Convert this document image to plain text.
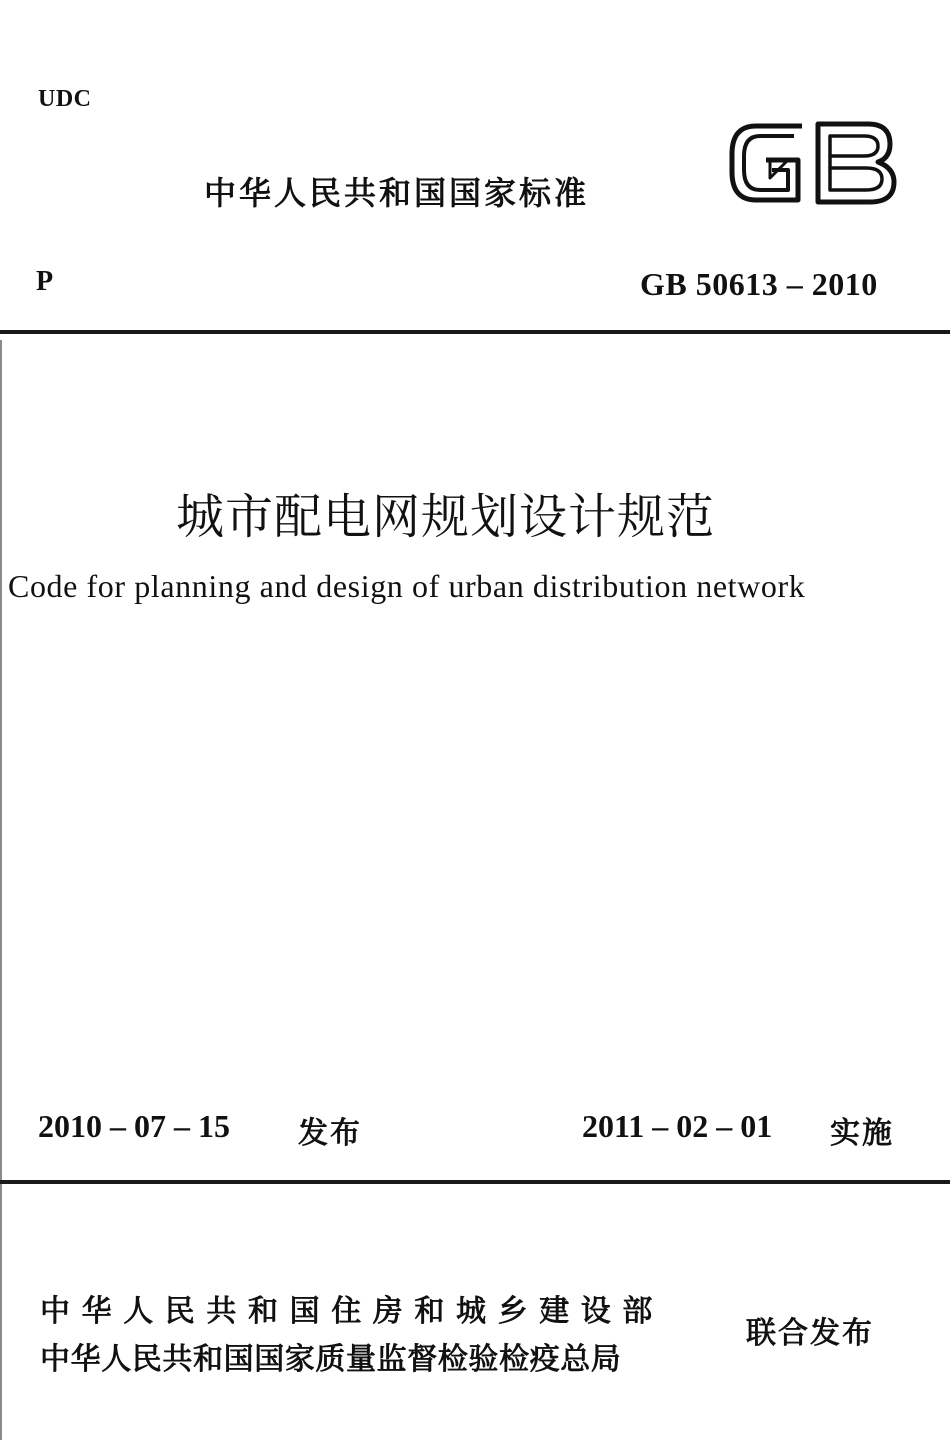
UDC
中华人民共和国国家标准
P	GB 50613 – 2010
城市配电网规划设计规范
Code for planning and design of urban distribution network
2010 – 07 – 15 发布	2011 – 02 – 01 实施
中华人民共和国住房和城乡建设部
中华人民共和国国家质量监督检验检疫总局
联合发布
